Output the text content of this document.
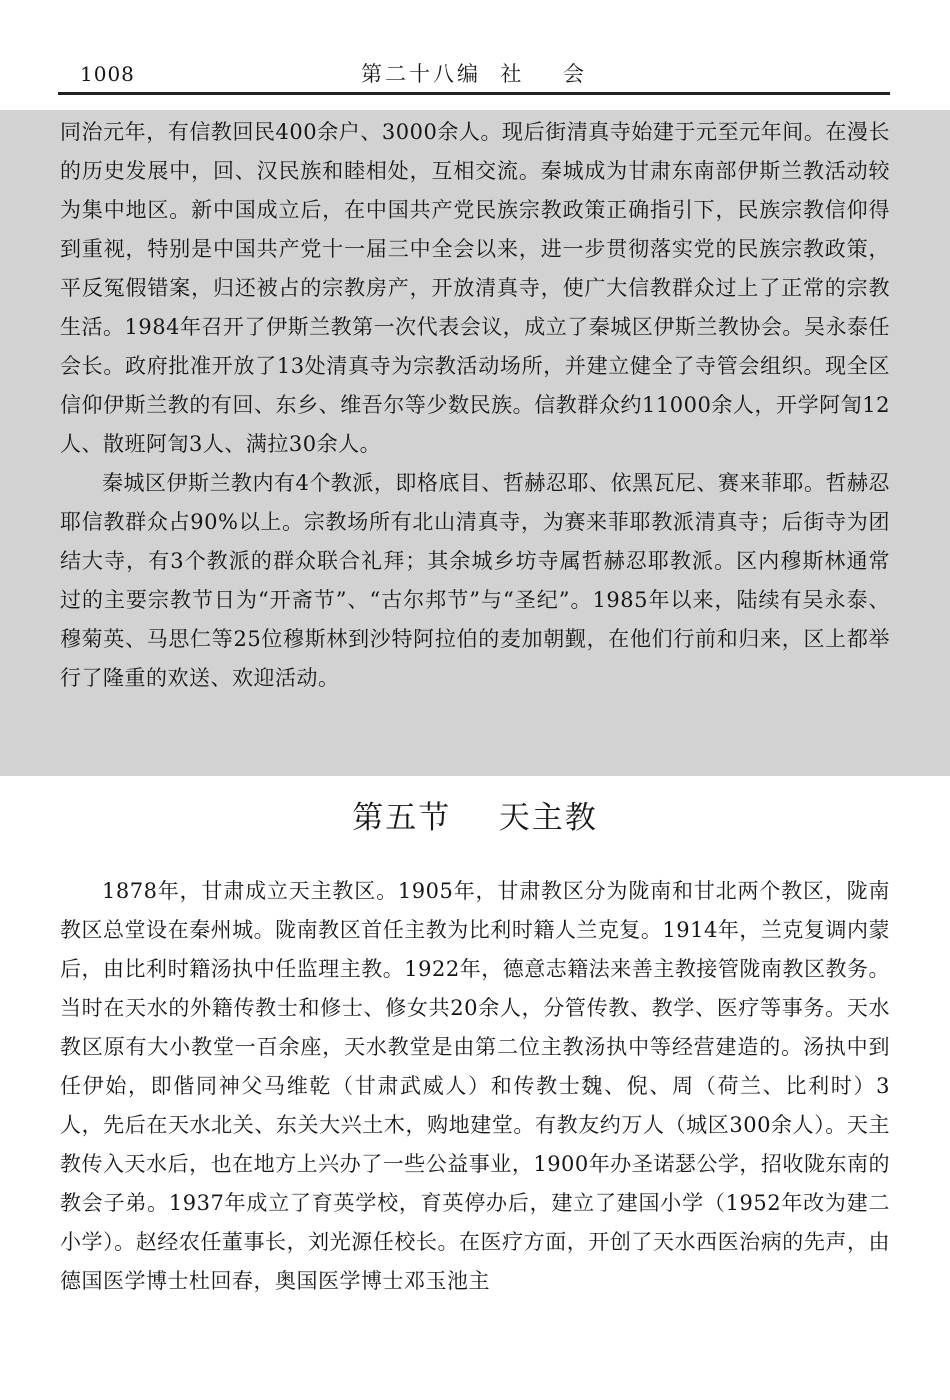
1008	第二十八编  社    会

同治元年，有信教回民400余户、3000余人。现后街清真寺始建于元至元年间。在漫长的历史发展中，回、汉民族和睦相处，互相交流。秦城成为甘肃东南部伊斯兰教活动较为集中地区。新中国成立后，在中国共产党民族宗教政策正确指引下，民族宗教信仰得到重视，特别是中国共产党十一届三中全会以来，进一步贯彻落实党的民族宗教政策，平反冤假错案，归还被占的宗教房产，开放清真寺，使广大信教群众过上了正常的宗教生活。1984年召开了伊斯兰教第一次代表会议，成立了秦城区伊斯兰教协会。吴永泰任会长。政府批准开放了13处清真寺为宗教活动场所，并建立健全了寺管会组织。现全区信仰伊斯兰教的有回、东乡、维吾尔等少数民族。信教群众约11000余人，开学阿訇12人、散班阿訇3人、满拉30余人。

秦城区伊斯兰教内有4个教派，即格底目、哲赫忍耶、依黑瓦尼、赛来菲耶。哲赫忍耶信教群众占90%以上。宗教场所有北山清真寺，为赛来菲耶教派清真寺；后街寺为团结大寺，有3个教派的群众联合礼拜；其余城乡坊寺属哲赫忍耶教派。区内穆斯林通常过的主要宗教节日为“开斋节”、“古尔邦节”与“圣纪”。1985年以来，陆续有吴永泰、穆菊英、马思仁等25位穆斯林到沙特阿拉伯的麦加朝觐，在他们行前和归来，区上都举行了隆重的欢送、欢迎活动。

第五节    天主教

1878年，甘肃成立天主教区。1905年，甘肃教区分为陇南和甘北两个教区，陇南教区总堂设在秦州城。陇南教区首任主教为比利时籍人兰克复。1914年，兰克复调内蒙后，由比利时籍汤执中任监理主教。1922年，德意志籍法来善主教接管陇南教区教务。当时在天水的外籍传教士和修士、修女共20余人，分管传教、教学、医疗等事务。天水教区原有大小教堂一百余座，天水教堂是由第二位主教汤执中等经营建造的。汤执中到任伊始，即偕同神父马维乾（甘肃武威人）和传教士魏、倪、周（荷兰、比利时）3人，先后在天水北关、东关大兴土木，购地建堂。有教友约万人（城区300余人）。天主教传入天水后，也在地方上兴办了一些公益事业，1900年办圣诺瑟公学，招收陇东南的教会子弟。1937年成立了育英学校，育英停办后，建立了建国小学（1952年改为建二小学）。赵经农任董事长，刘光源任校长。在医疗方面，开创了天水西医治病的先声，由德国医学博士杜回春，奥国医学博士邓玉池主
